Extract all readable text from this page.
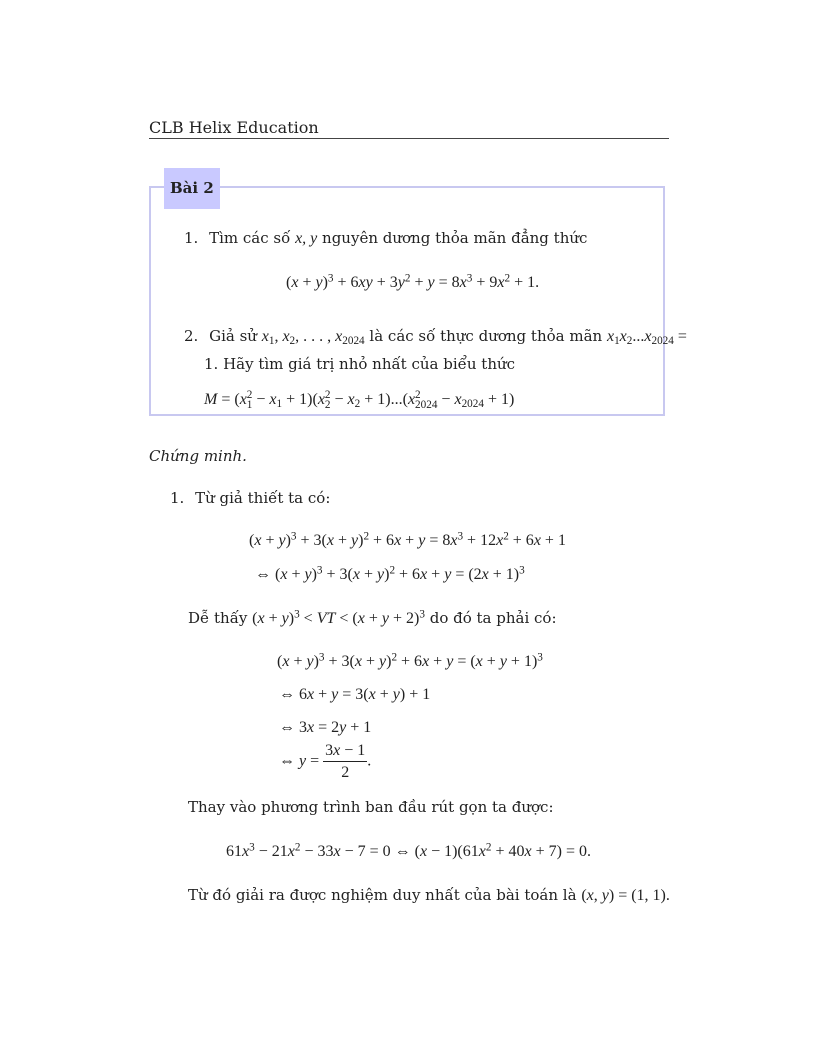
CLB Helix Education
Bài 2
1. Tìm các số x, y nguyên dương thỏa mãn đẳng thức
$(x + y)^3 + 6xy + 3y^2 + y = 8x^3 + 9x^2 + 1$.
2. Giả sử $x_1$, $x_2$, . . . , $x_{2024}$ là các số thực dương thỏa mãn $x_1x_2...x_{2024}$ =
1. Hãy tìm giá trị nhỏ nhất của biểu thức
M = (x 2
$1 - x_1 + 1)(x$ 2
$2 - x_2 + 1)...(x$ 2
$2024 - x_{2024} + 1$)
Chứng minh.
1. Từ giả thiết ta có:
$(x + y)^3 + 3(x + y)^2 + 6x + y = 8x^3 + 12x^2 + 6x + 1$
⇔ $(x + y)^3 + 3(x + y)^2 + 6x + y = (2x + 1)^3$
Dễ thấy $(x + y)^3$ < VT < $(x + y + 2)^3$ do đó ta phải có:
$(x + y)^3 + 3(x + y)^2 + 6x + y = (x + y + 1)^3$
⇔ 6x + y = 3(x + y) + 1
⇔ 3x = 2y + 1
⇔ $y = \frac{3x - 1}{2}$ .
Thay vào phương trình ban đầu rút gọn ta được:
$61x^3 - 21x^2 - 33x - 7 = 0$ ⇔ $(x - 1)(61x^2 + 40x + 7) = 0$.
Từ đó giải ra được nghiệm duy nhất của bài toán là (x, y) = (1, 1).
